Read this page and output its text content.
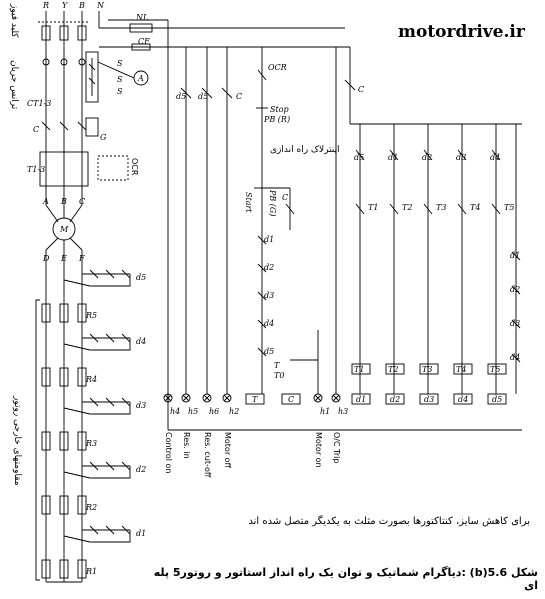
motordrive.ir
R Y B N
A
S
S
S
CT1-3
C
G
T1-3	OCR
A B C
M
D E F
R5
d5
R4
d4
R3
d3
R2
d2
R1
d1
NL
CF
d5 d5	C
OCR
Stop
PB (R)
اینترلاک راه اندازی
Start PB (G) C
T
T0
C
d1
d2
d3
d4
d5
d1
d2
d3
d4
d5
T1
T1
d1
d1
T2
T2
d2
d2
T3
T3
d3
d3
T4
T4
d4
d4
T5
T5
d5
T	C
h4
Control on
h5
Res. in
h6
Res. cut-off
h2
Motor off
h1
Motor on
h3
O/C Trip
کلید فیوز
ترانس جریان
مقاومتهای خارجی روتور
برای کاهش سایز، کنتاکتورها بصورت مثلث به یکدیگر متصل شده اند
شکل 5.6(b) :دیاگرام شماتیک و توان یک راه انداز استاتور و روتور5 پله ای
